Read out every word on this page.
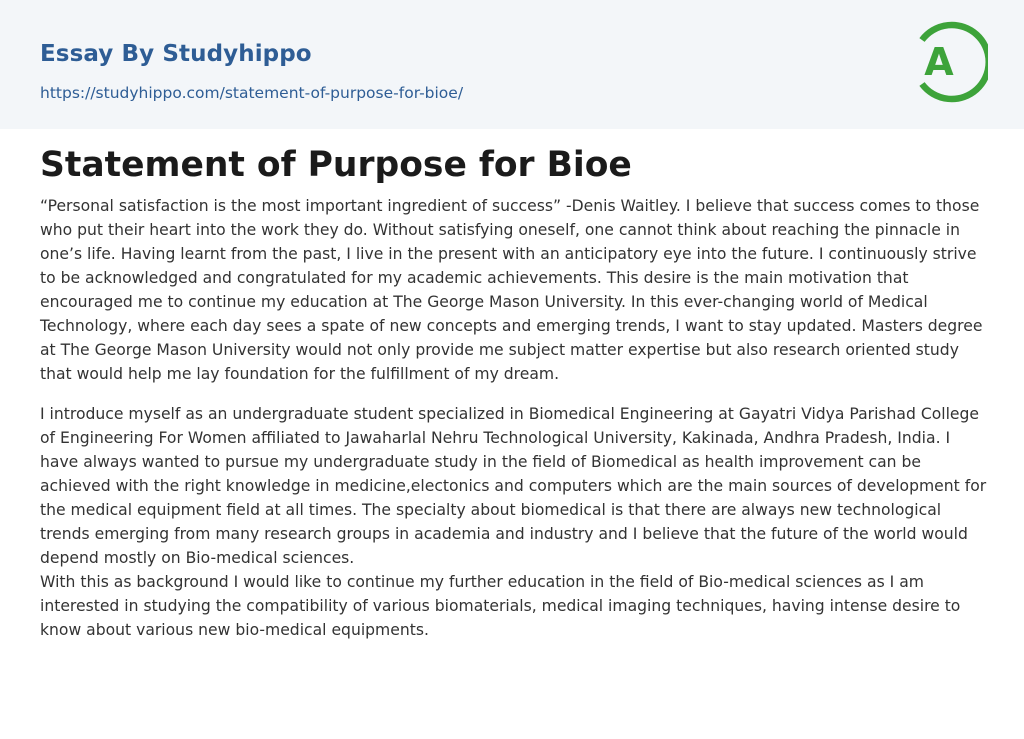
Essay By Studyhippo
https://studyhippo.com/statement-of-purpose-for-bioe/
A
Statement of Purpose for Bioe

“Personal satisfaction is the most important ingredient of success” -Denis Waitley. I believe that success comes to those who put their heart into the work they do. Without satisfying oneself, one cannot think about reaching the pinnacle in one’s life. Having learnt from the past, I live in the present with an anticipatory eye into the future. I continuously strive to be acknowledged and congratulated for my academic achievements. This desire is the main motivation that encouraged me to continue my education at The George Mason University. In this ever-changing world of Medical Technology, where each day sees a spate of new concepts and emerging trends, I want to stay updated. Masters degree at The George Mason University would not only provide me subject matter expertise but also research oriented study that would help me lay foundation for the fulfillment of my dream.

I introduce myself as an undergraduate student specialized in Biomedical Engineering at Gayatri Vidya Parishad College of Engineering For Women affiliated to Jawaharlal Nehru Technological University, Kakinada, Andhra Pradesh, India. I have always wanted to pursue my undergraduate study in the field of Biomedical as health improvement can be achieved with the right knowledge in medicine,electonics and computers which are the main sources of development for the medical equipment field at all times. The specialty about biomedical is that there are always new technological trends emerging from many research groups in academia and industry and I believe that the future of the world would depend mostly on Bio-medical sciences.

With this as background I would like to continue my further education in the field of Bio-medical sciences as I am interested in studying the compatibility of various biomaterials, medical imaging techniques, having intense desire to know about various new bio-medical equipments.
